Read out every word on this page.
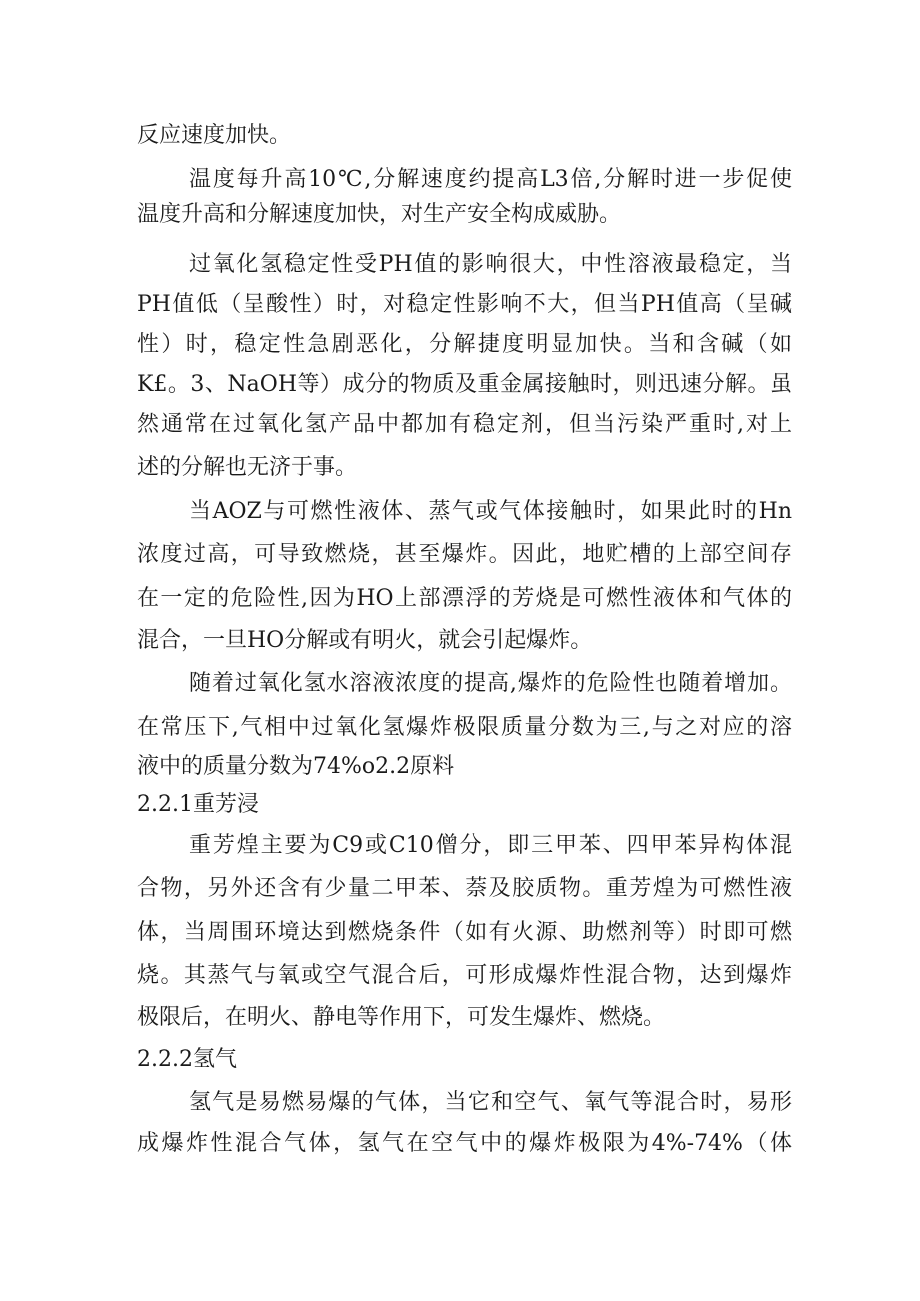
反应速度加快。
温度每升高10℃,分解速度约提高L3倍,分解时进一步促使
温度升高和分解速度加快，对生产安全构成威胁。
过氧化氢稳定性受PH值的影响很大，中性溶液最稳定，当
PH值低（呈酸性）时，对稳定性影响不大，但当PH值高（呈碱
性）时，稳定性急剧恶化，分解捷度明显加快。当和含碱（如
K£。3、NaOH等）成分的物质及重金属接触时，则迅速分解。虽
然通常在过氧化氢产品中都加有稳定剂，但当污染严重时,对上
述的分解也无济于事。
当AOZ与可燃性液体、蒸气或气体接触时，如果此时的Hn
浓度过高，可导致燃烧，甚至爆炸。因此，地贮槽的上部空间存
在一定的危险性,因为HO上部漂浮的芳烧是可燃性液体和气体的
混合，一旦HO分解或有明火，就会引起爆炸。
随着过氧化氢水溶液浓度的提高,爆炸的危险性也随着增加。
在常压下,气相中过氧化氢爆炸极限质量分数为三,与之对应的溶
液中的质量分数为74%o2.2原料
2.2.1重芳浸
重芳煌主要为C9或C10僧分，即三甲苯、四甲苯异构体混
合物，另外还含有少量二甲苯、萘及胶质物。重芳煌为可燃性液
体，当周围环境达到燃烧条件（如有火源、助燃剂等）时即可燃
烧。其蒸气与氧或空气混合后，可形成爆炸性混合物，达到爆炸
极限后，在明火、静电等作用下，可发生爆炸、燃烧。
2.2.2氢气
氢气是易燃易爆的气体，当它和空气、氧气等混合时，易形
成爆炸性混合气体，氢气在空气中的爆炸极限为4%-74%（体
